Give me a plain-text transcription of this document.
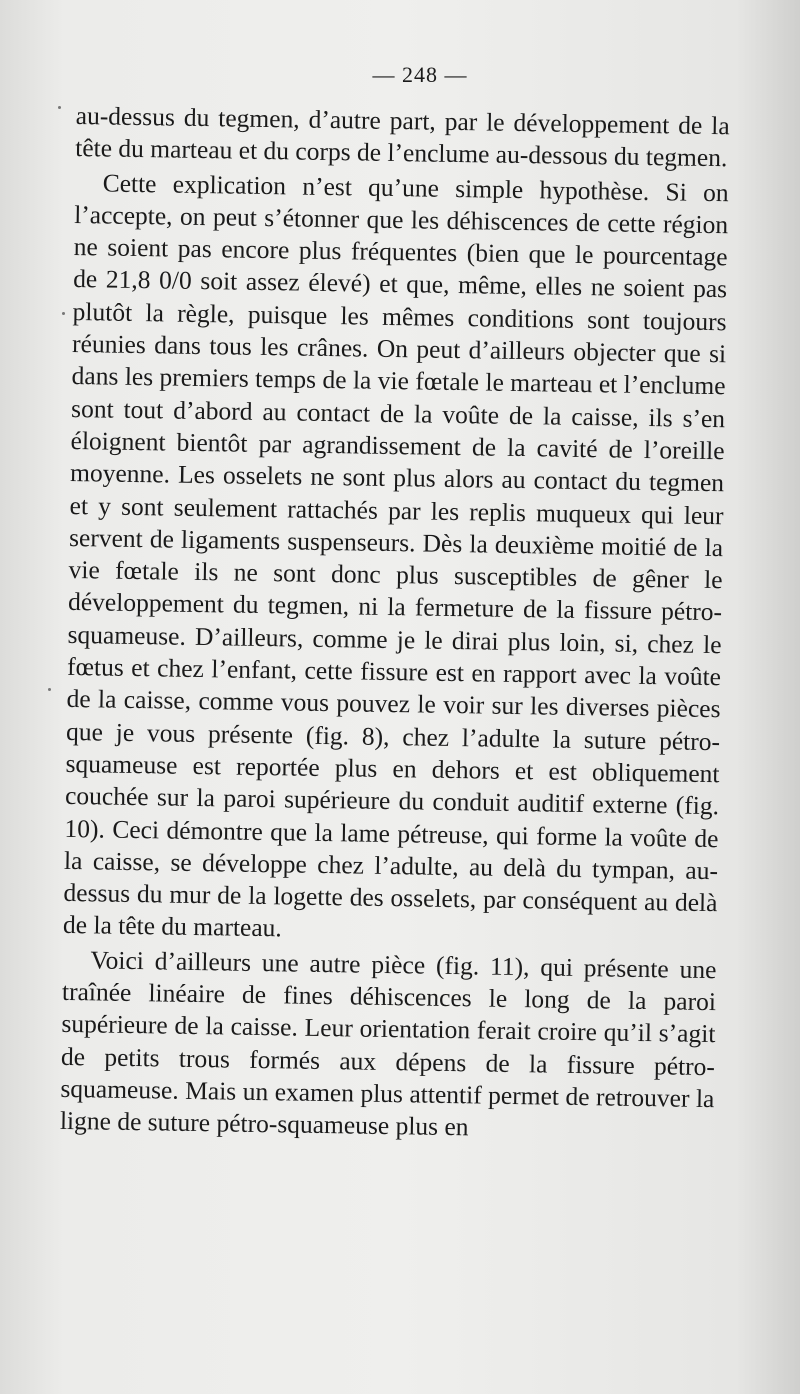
— 248 —

au-dessus du tegmen, d’autre part, par le développement de la tête du marteau et du corps de l’enclume au-dessous du tegmen.

Cette explication n’est qu’une simple hypothèse. Si on l’accepte, on peut s’étonner que les déhiscences de cette région ne soient pas encore plus fréquentes (bien que le pourcentage de 21,8 0/0 soit assez élevé) et que, même, elles ne soient pas plutôt la règle, puisque les mêmes conditions sont toujours réunies dans tous les crânes. On peut d’ailleurs objecter que si dans les premiers temps de la vie fœtale le marteau et l’enclume sont tout d’abord au contact de la voûte de la caisse, ils s’en éloignent bientôt par agrandissement de la cavité de l’oreille moyenne. Les osselets ne sont plus alors au contact du tegmen et y sont seulement rattachés par les replis muqueux qui leur servent de ligaments suspenseurs. Dès la deuxième moitié de la vie fœtale ils ne sont donc plus susceptibles de gêner le développement du tegmen, ni la fermeture de la fissure pétro-squameuse. D’ailleurs, comme je le dirai plus loin, si, chez le fœtus et chez l’enfant, cette fissure est en rapport avec la voûte de la caisse, comme vous pouvez le voir sur les diverses pièces que je vous présente (fig. 8), chez l’adulte la suture pétro-squameuse est reportée plus en dehors et est obliquement couchée sur la paroi supérieure du conduit auditif externe (fig. 10). Ceci démontre que la lame pétreuse, qui forme la voûte de la caisse, se développe chez l’adulte, au delà du tympan, au-dessus du mur de la logette des osselets, par conséquent au delà de la tête du marteau.

Voici d’ailleurs une autre pièce (fig. 11), qui présente une traînée linéaire de fines déhiscences le long de la paroi supérieure de la caisse. Leur orientation ferait croire qu’il s’agit de petits trous formés aux dépens de la fissure pétro-squameuse. Mais un examen plus attentif permet de retrouver la ligne de suture pétro-squameuse plus en
